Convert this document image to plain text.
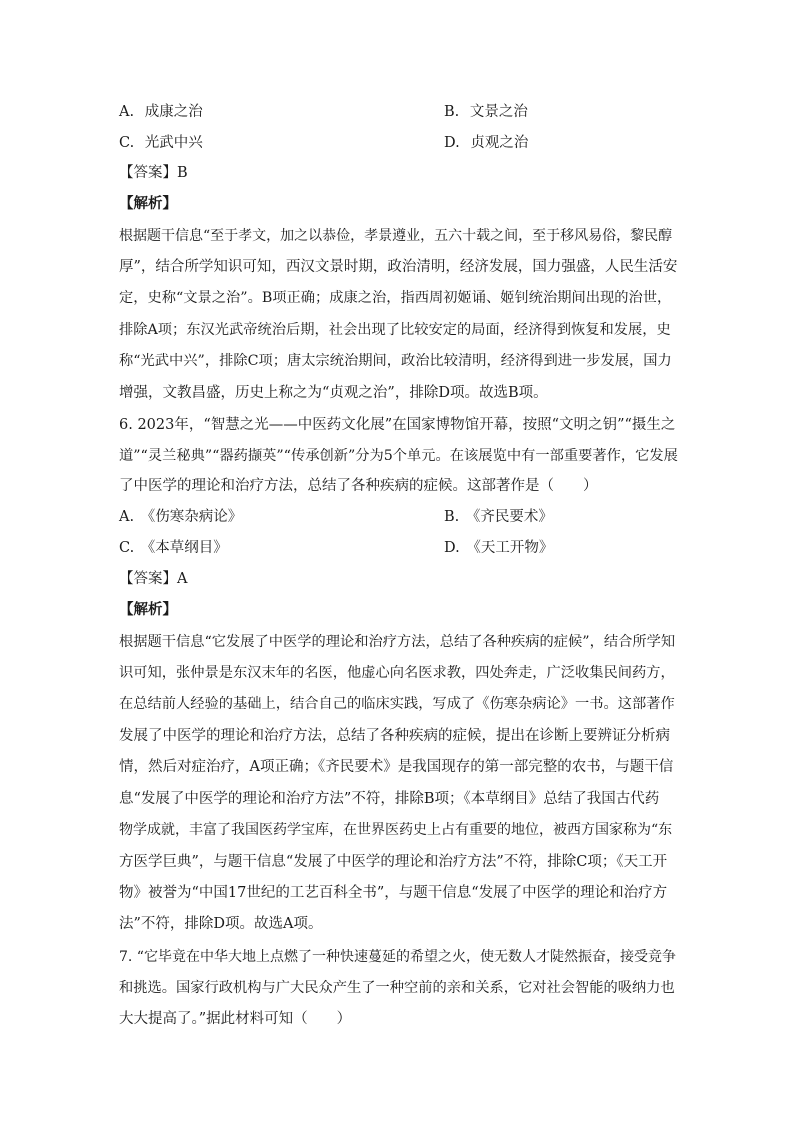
A. 成康之治	B. 文景之治
C. 光武中兴	D. 贞观之治
【答案】B
【解析】
根据题干信息“至于孝文，加之以恭俭，孝景遵业，五六十载之间，至于移风易俗，黎民醇
厚”，结合所学知识可知，西汉文景时期，政治清明，经济发展，国力强盛，人民生活安
定，史称“文景之治”。B项正确；成康之治，指西周初姬诵、姬钊统治期间出现的治世，
排除A项；东汉光武帝统治后期，社会出现了比较安定的局面，经济得到恢复和发展，史
称“光武中兴”，排除C项；唐太宗统治期间，政治比较清明，经济得到进一步发展，国力
增强，文教昌盛，历史上称之为“贞观之治”，排除D项。故选B项。
6. 2023年，“智慧之光——中医药文化展”在国家博物馆开幕，按照“文明之钥”“摄生之
道”“灵兰秘典”“器药撷英”“传承创新”分为5个单元。在该展览中有一部重要著作，它发展
了中医学的理论和治疗方法，总结了各种疾病的症候。这部著作是（　　）
A. 《伤寒杂病论》	B. 《齐民要术》
C. 《本草纲目》	D. 《天工开物》
【答案】A
【解析】
根据题干信息“它发展了中医学的理论和治疗方法，总结了各种疾病的症候”，结合所学知
识可知，张仲景是东汉末年的名医，他虚心向名医求教，四处奔走，广泛收集民间药方，
在总结前人经验的基础上，结合自己的临床实践，写成了《伤寒杂病论》一书。这部著作
发展了中医学的理论和治疗方法，总结了各种疾病的症候，提出在诊断上要辨证分析病
情，然后对症治疗，A项正确；《齐民要术》是我国现存的第一部完整的农书，与题干信
息“发展了中医学的理论和治疗方法”不符，排除B项；《本草纲目》总结了我国古代药
物学成就，丰富了我国医药学宝库，在世界医药史上占有重要的地位，被西方国家称为“东
方医学巨典”，与题干信息“发展了中医学的理论和治疗方法”不符，排除C项；《天工开
物》被誉为“中国17世纪的工艺百科全书”，与题干信息“发展了中医学的理论和治疗方
法”不符，排除D项。故选A项。
7. “它毕竟在中华大地上点燃了一种快速蔓延的希望之火，使无数人才陡然振奋，接受竞争
和挑选。国家行政机构与广大民众产生了一种空前的亲和关系，它对社会智能的吸纳力也
大大提高了。”据此材料可知（　　）
